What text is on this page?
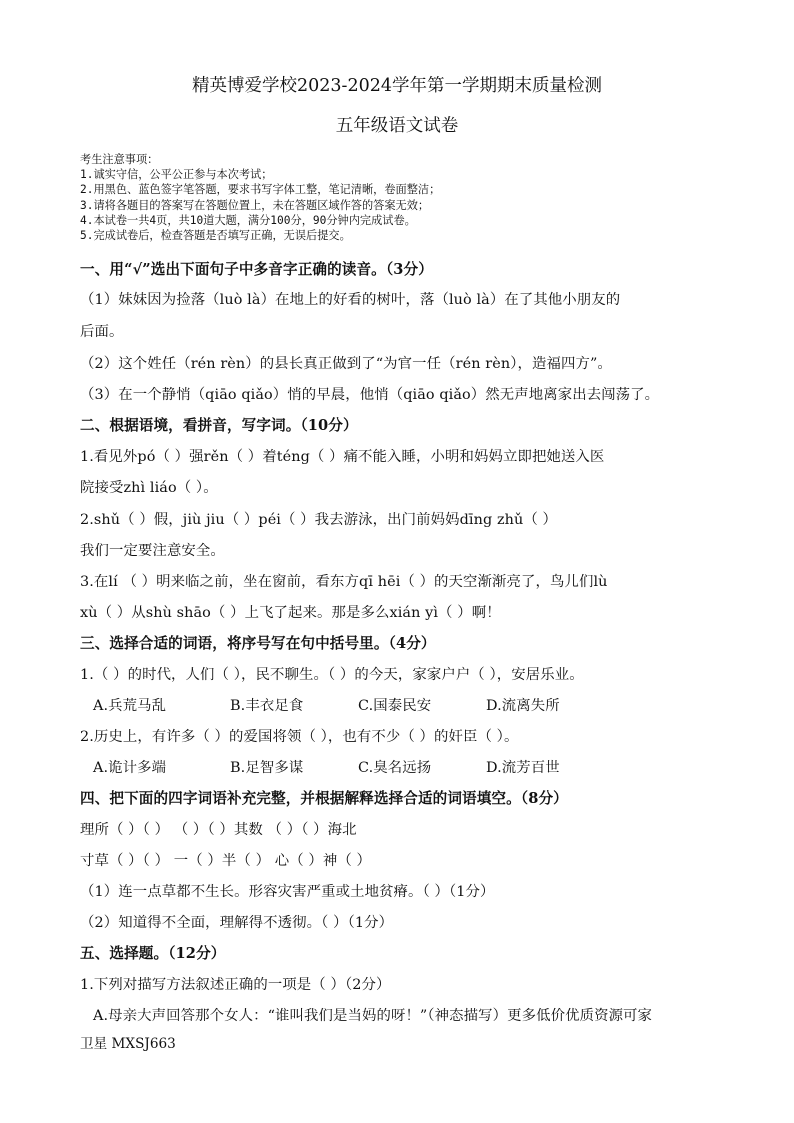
精英博爱学校2023-2024学年第一学期期末质量检测
五年级语文试卷
考生注意事项：
1.诚实守信，公平公正参与本次考试；
2.用黑色、蓝色签字笔答题，要求书写字体工整，笔记清晰，卷面整洁；
3.请将各题目的答案写在答题位置上，未在答题区域作答的答案无效；
4.本试卷一共4页，共10道大题，满分100分，90分钟内完成试卷。
5.完成试卷后，检查答题是否填写正确，无误后提交。
一、用“√”选出下面句子中多音字正确的读音。（3分）
（1）妹妹因为捡落（luò là）在地上的好看的树叶，落（luò là）在了其他小朋友的
后面。
（2）这个姓任（rén rèn）的县长真正做到了“为官一任（rén rèn），造福四方”。
（3）在一个静悄（qiāo qiǎo）悄的早晨，他悄（qiāo qiǎo）然无声地离家出去闯荡了。
二、根据语境，看拼音，写字词。（10分）
1.看见外pó（ ）强rěn（ ）着téng（ ）痛不能入睡，小明和妈妈立即把她送入医
院接受zhì liáo（ ）。
2.shǔ（ ）假，jiù jiu（ ）péi（ ）我去游泳，出门前妈妈dīng zhǔ（ ）
我们一定要注意安全。
3.在lí （ ）明来临之前，坐在窗前，看东方qī hēi（ ）的天空渐渐亮了，鸟儿们lù
xù（ ）从shù shāo（ ）上飞了起来。那是多么xián yì（ ）啊！
三、选择合适的词语，将序号写在句中括号里。（4分）
1.（ ）的时代，人们（ ），民不聊生。（ ）的今天，家家户户（ ），安居乐业。
A.兵荒马乱	B.丰衣足食	C.国泰民安	D.流离失所
2.历史上，有许多（ ）的爱国将领（ ），也有不少（ ）的奸臣（ ）。
A.诡计多端	B.足智多谋	C.臭名远扬	D.流芳百世
四、把下面的四字词语补充完整，并根据解释选择合适的词语填空。（8分）
理所（ ）（ ） （ ）（ ）其数 （ ）（ ）海北
寸草（ ）（ ） 一（ ）半（ ） 心（ ）神（ ）
（1）连一点草都不生长。形容灾害严重或土地贫瘠。（ ）（1分）
（2）知道得不全面，理解得不透彻。（ ）（1分）
五、选择题。（12分）
1.下列对描写方法叙述正确的一项是（ ）（2分）
A.母亲大声回答那个女人：“谁叫我们是当妈的呀！”（神态描写）更多低价优质资源可家
卫星 MXSJ663
